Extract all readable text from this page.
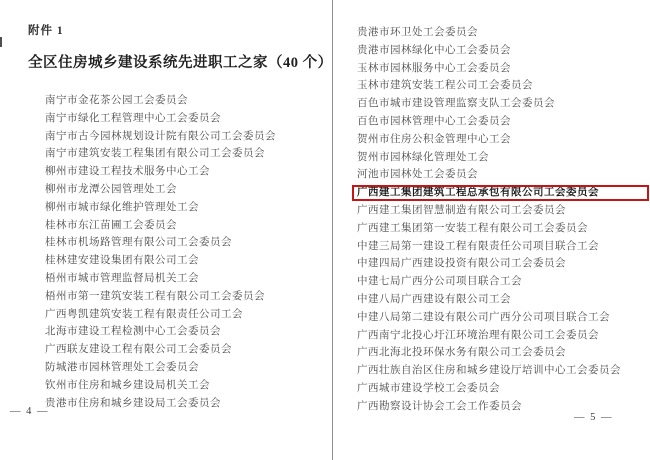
附件 1
全区住房城乡建设系统先进职工之家（40 个）
南宁市金花茶公园工会委员会
南宁市绿化工程管理中心工会委员会
南宁市古今园林规划设计院有限公司工会委员会
南宁市建筑安装工程集团有限公司工会委员会
柳州市建设工程技术服务中心工会
柳州市龙潭公园管理处工会
柳州市城市绿化维护管理处工会
桂林市东江苗圃工会委员会
桂林市机场路管理有限公司工会委员会
桂林建安建设集团有限公司工会
梧州市城市管理监督局机关工会
梧州市第一建筑安装工程有限公司工会委员会
广西粤凯建筑安装工程有限责任公司工会
北海市建设工程检测中心工会委员会
广西联友建设工程有限公司工会委员会
防城港市园林管理处工会委员会
钦州市住房和城乡建设局机关工会
贵港市住房和城乡建设局工会委员会
贵港市环卫处工会委员会
贵港市园林绿化中心工会委员会
玉林市园林服务中心工会委员会
玉林市建筑安装工程公司工会委员会
百色市城市建设管理监察支队工会委员会
百色市园林管理中心工会委员会
贺州市住房公积金管理中心工会
贺州市园林绿化管理处工会
河池市园林处工会委员会
广西建工集团建筑工程总承包有限公司工会委员会
广西建工集团智慧制造有限公司工会委员会
广西建工集团第一安装工程有限公司工会委员会
中建三局第一建设工程有限责任公司项目联合工会
中建四局广西建设投资有限公司工会委员会
中建七局广西分公司项目联合工会
中建八局广西建设有限公司工会
中建八局第二建设有限公司广西分公司项目联合工会
广西南宁北投心圩江环境治理有限公司工会委员会
广西北海北投环保水务有限公司工会委员会
广西壮族自治区住房和城乡建设厅培训中心工会委员会
广西城市建设学校工会委员会
广西勘察设计协会工会工作委员会
— 4 —
— 5 —
